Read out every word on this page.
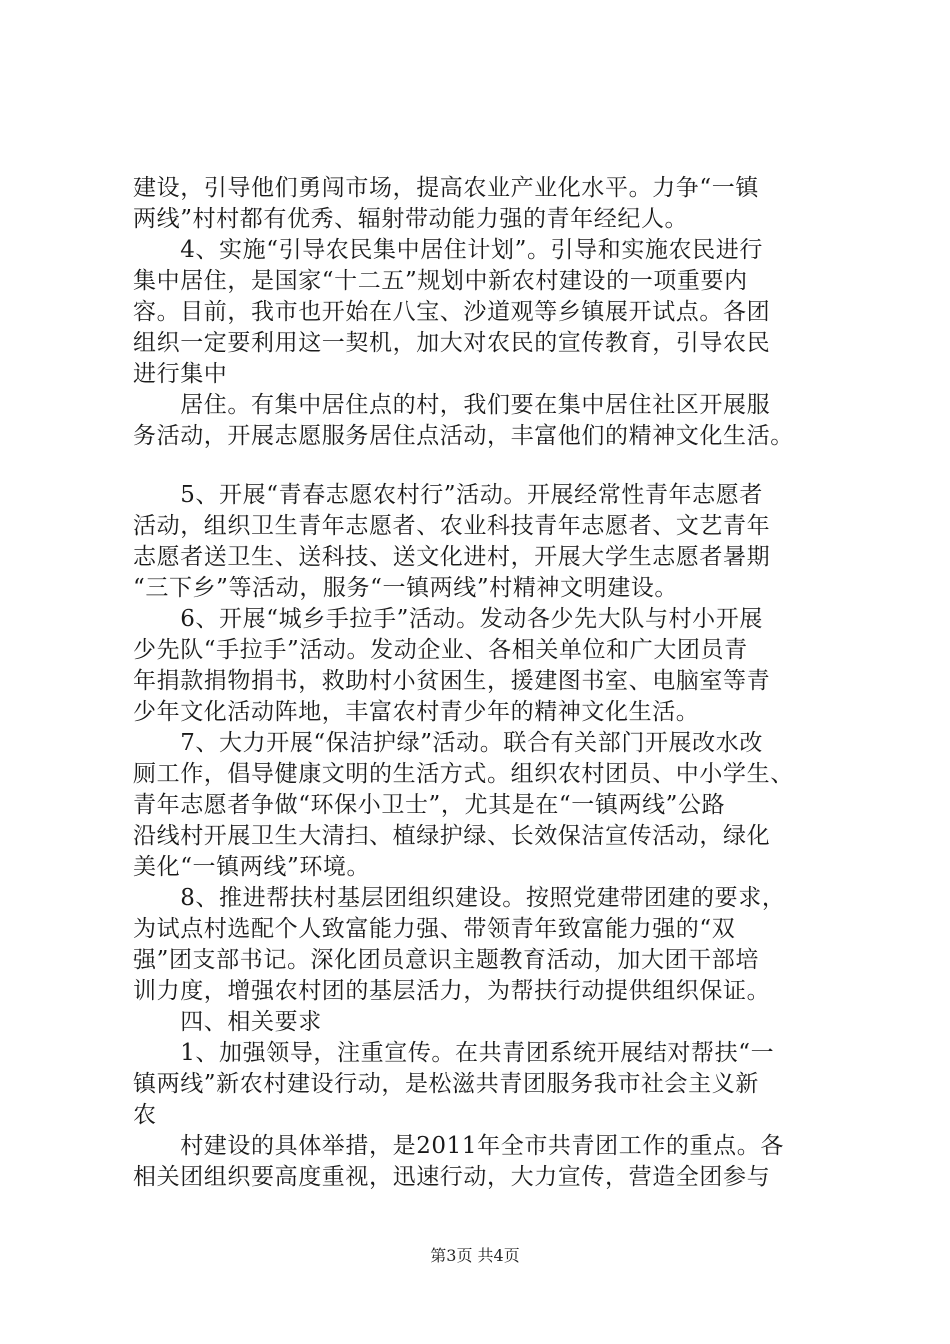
建设，引导他们勇闯市场，提高农业产业化水平。力争“一镇
两线”村村都有优秀、辐射带动能力强的青年经纪人。
　　4、实施“引导农民集中居住计划”。引导和实施农民进行
集中居住，是国家“十二五”规划中新农村建设的一项重要内
容。目前，我市也开始在八宝、沙道观等乡镇展开试点。各团
组织一定要利用这一契机，加大对农民的宣传教育，引导农民
进行集中
　　居住。有集中居住点的村，我们要在集中居住社区开展服
务活动，开展志愿服务居住点活动，丰富他们的精神文化生活。
　　5、开展“青春志愿农村行”活动。开展经常性青年志愿者
活动，组织卫生青年志愿者、农业科技青年志愿者、文艺青年
志愿者送卫生、送科技、送文化进村，开展大学生志愿者暑期
“三下乡”等活动，服务“一镇两线”村精神文明建设。
　　6、开展“城乡手拉手”活动。发动各少先大队与村小开展
少先队“手拉手”活动。发动企业、各相关单位和广大团员青
年捐款捐物捐书，救助村小贫困生，援建图书室、电脑室等青
少年文化活动阵地，丰富农村青少年的精神文化生活。
　　7、大力开展“保洁护绿”活动。联合有关部门开展改水改
厕工作，倡导健康文明的生活方式。组织农村团员、中小学生、
青年志愿者争做“环保小卫士”，尤其是在“一镇两线”公路
沿线村开展卫生大清扫、植绿护绿、长效保洁宣传活动，绿化
美化“一镇两线”环境。
　　8、推进帮扶村基层团组织建设。按照党建带团建的要求，
为试点村选配个人致富能力强、带领青年致富能力强的“双
强”团支部书记。深化团员意识主题教育活动，加大团干部培
训力度，增强农村团的基层活力，为帮扶行动提供组织保证。
　　四、相关要求
　　1、加强领导，注重宣传。在共青团系统开展结对帮扶“一
镇两线”新农村建设行动，是松滋共青团服务我市社会主义新
农
　　村建设的具体举措，是2011年全市共青团工作的重点。各
相关团组织要高度重视，迅速行动，大力宣传，营造全团参与
第3页 共4页
